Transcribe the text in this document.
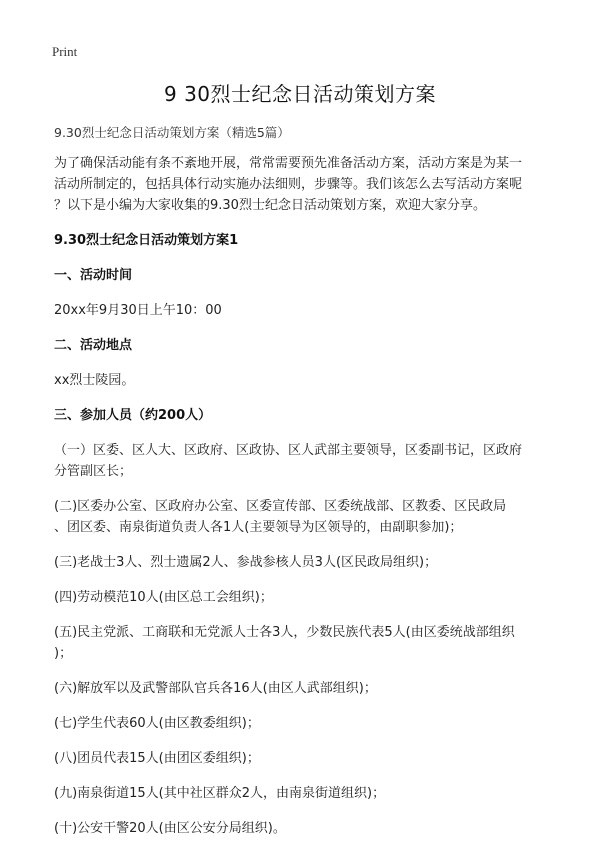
Print
9 30烈士纪念日活动策划方案
9.30烈士纪念日活动策划方案（精选5篇）
为了确保活动能有条不紊地开展，常常需要预先准备活动方案，活动方案是为某一
活动所制定的，包括具体行动实施办法细则，步骤等。我们该怎么去写活动方案呢
？以下是小编为大家收集的9.30烈士纪念日活动策划方案，欢迎大家分享。
9.30烈士纪念日活动策划方案1
一、活动时间
20xx年9月30日上午10：00
二、活动地点
xx烈士陵园。
三、参加人员（约200人）
（一）区委、区人大、区政府、区政协、区人武部主要领导，区委副书记，区政府
分管副区长；
(二)区委办公室、区政府办公室、区委宣传部、区委统战部、区教委、区民政局
、团区委、南泉街道负责人各1人(主要领导为区领导的，由副职参加)；
(三)老战士3人、烈士遗属2人、参战参核人员3人(区民政局组织)；
(四)劳动模范10人(由区总工会组织)；
(五)民主党派、工商联和无党派人士各3人，少数民族代表5人(由区委统战部组织
)；
(六)解放军以及武警部队官兵各16人(由区人武部组织)；
(七)学生代表60人(由区教委组织)；
(八)团员代表15人(由团区委组织)；
(九)南泉街道15人(其中社区群众2人，由南泉街道组织)；
(十)公安干警20人(由区公安分局组织)。
